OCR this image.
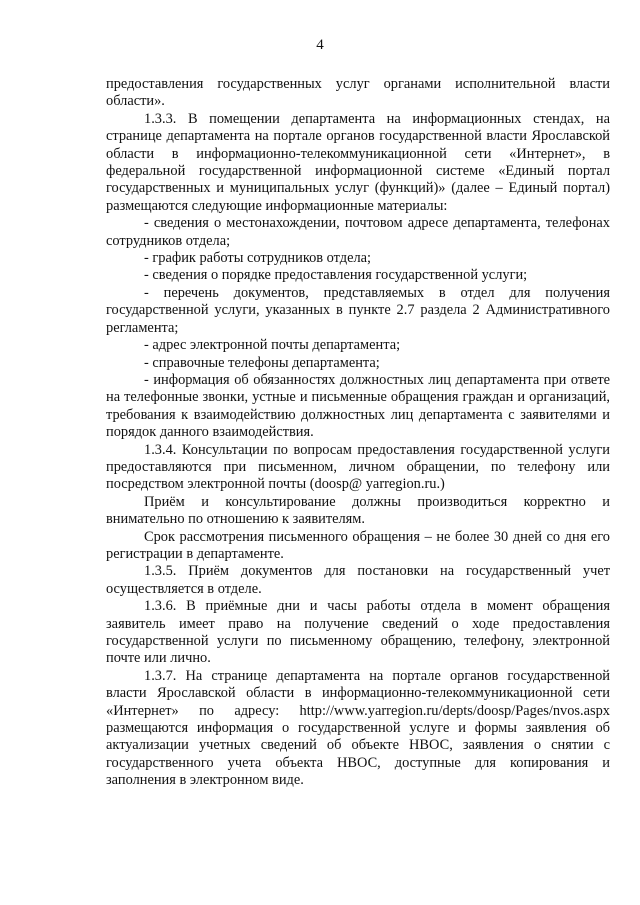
4

предоставления государственных услуг органами исполнительной власти области».

1.3.3. В помещении департамента на информационных стендах, на странице департамента на портале органов государственной власти Ярославской области в информационно-телекоммуникационной сети «Интернет», в федеральной государственной информационной системе «Единый портал государственных и муниципальных услуг (функций)» (далее – Единый портал) размещаются следующие информационные материалы:

- сведения о местонахождении, почтовом адресе департамента, телефонах сотрудников отдела;

- график работы сотрудников отдела;

- сведения о порядке предоставления государственной услуги;

- перечень документов, представляемых в отдел для получения государственной услуги, указанных в пункте 2.7 раздела 2 Административного регламента;

- адрес электронной почты департамента;

- справочные телефоны департамента;

- информация об обязанностях должностных лиц департамента при ответе на телефонные звонки, устные и письменные обращения граждан и организаций, требования к взаимодействию должностных лиц департамента с заявителями и порядок данного взаимодействия.

1.3.4. Консультации по вопросам предоставления государственной услуги предоставляются при письменном, личном обращении, по телефону или посредством электронной почты (doosp@ yarregion.ru.)

Приём и консультирование должны производиться корректно и внимательно по отношению к заявителям.

Срок рассмотрения письменного обращения – не более 30 дней со дня его регистрации в департаменте.

1.3.5. Приём документов для постановки на государственный учет осуществляется в отделе.

1.3.6. В приёмные дни и часы работы отдела в момент обращения заявитель имеет право на получение сведений о ходе предоставления государственной услуги по письменному обращению, телефону, электронной почте или лично.

1.3.7. На странице департамента на портале органов государственной власти Ярославской области в информационно-телекоммуникационной сети «Интернет» по адресу: http://www.yarregion.ru/depts/doosp/Pages/nvos.aspx размещаются информация о государственной услуге и формы заявления об актуализации учетных сведений об объекте НВОС, заявления о снятии с государственного учета объекта НВОС, доступные для копирования и заполнения в электронном виде.
